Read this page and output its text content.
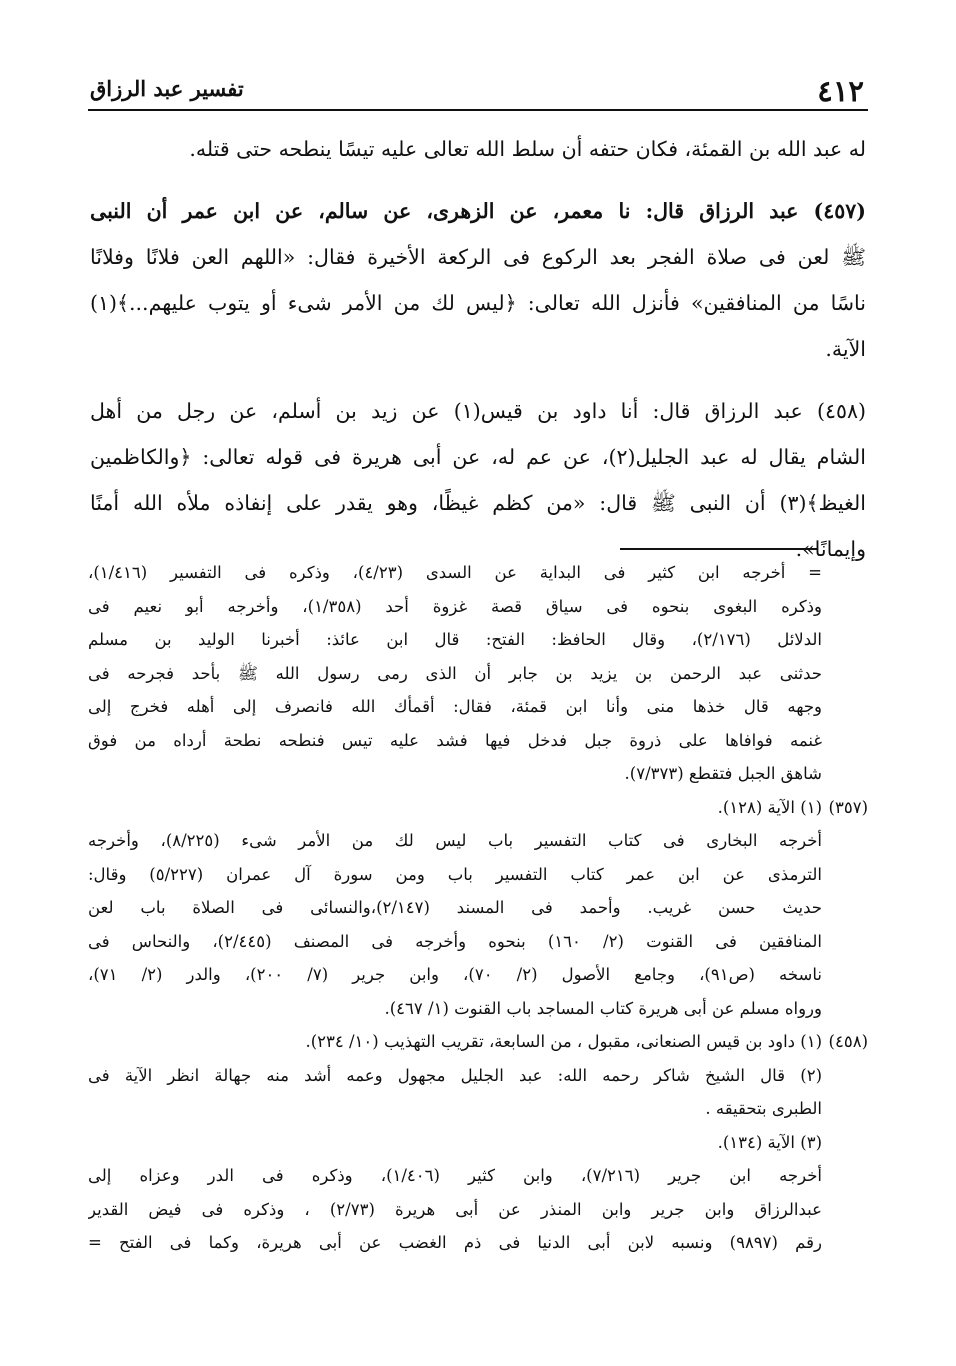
٤١٢
تفسير عبد الرزاق
له عبد الله بن القمئة، فكان حتفه أن سلط الله تعالى عليه تيسًا ينطحه حتى قتله.
(٤٥٧) عبد الرزاق قال: نا معمر، عن الزهرى، عن سالم، عن ابن عمر أن النبى
ﷺ لعن فى صلاة الفجر بعد الركوع فى الركعة الأخيرة فقال: «اللهم العن فلانًا وفلانًا
ناسًا من المنافقين» فأنزل الله تعالى: ﴿ليس لك من الأمر شىء أو يتوب عليهم...﴾(١)
الآية.
(٤٥٨) عبد الرزاق قال: أنا داود بن قيس(١) عن زيد بن أسلم، عن رجل من أهل
الشام يقال له عبد الجليل(٢)، عن عم له، عن أبى هريرة فى قوله تعالى: ﴿والكاظمين
الغيظ﴾(٣) أن النبى ﷺ قال: «من كظم غيظًا، وهو يقدر على إنفاذه ملأه الله أمنًا
وإيمانًا».
= أخرجه ابن كثير فى البداية عن السدى (٤/٢٣)، وذكره فى التفسير (١/٤١٦)،
وذكره البغوى بنحوه فى سياق قصة غزوة أحد (١/٣٥٨)، وأخرجه أبو نعيم فى
الدلائل (٢/١٧٦)، وقال الحافظ: الفتح: قال ابن عائذ: أخبرنا الوليد بن مسلم
حدثنى عبد الرحمن بن يزيد بن جابر أن الذى رمى رسول الله ﷺ بأحد فجرحه فى
وجهه قال خذها منى وأنا ابن قمئة، فقال: أقمأك الله فانصرف إلى أهله فخرج إلى
غنمه فوافاها على ذروة جبل فدخل فيها فشد عليه تيس فنطحه نطحة أرداه من فوق
شاهق الجبل فتقطع (٧/٣٧٣).
(٣٥٧)(١) الآية (١٢٨).
أخرجه البخارى فى كتاب التفسير باب ليس لك من الأمر شىء (٨/٢٢٥)، وأخرجه
الترمذى عن ابن عمر كتاب التفسير باب ومن سورة آل عمران (٥/٢٢٧) وقال:
حديث حسن غريب. وأحمد فى المسند (٢/١٤٧)،والنسائى فى الصلاة باب لعن
المنافقين فى القنوت (٢/ ١٦٠) بنحوه وأخرجه فى المصنف (٢/٤٤٥)، والنحاس فى
ناسخه (ص٩١)، وجامع الأصول (٢/ ٧٠)، وابن جرير (٧/ ٢٠٠)، والدر (٢/ ٧١)،
ورواه مسلم عن أبى هريرة كتاب المساجد باب القنوت (١/ ٤٦٧).
(٤٥٨)(١) داود بن قيس الصنعانى، مقبول ، من السابعة، تقريب التهذيب (١٠/ ٢٣٤).
(٢) قال الشيخ شاكر رحمه الله: عبد الجليل مجهول وعمه أشد منه جهالة انظر الآية فى
الطبرى بتحقيقه .
(٣) الآية (١٣٤).
أخرجه ابن جرير (٧/٢١٦)، وابن كثير (١/٤٠٦)، وذكره فى الدر وعزاه إلى
عبدالرزاق وابن جرير وابن المنذر عن أبى هريرة (٢/٧٣) ، وذكره فى فيض القدير
رقم (٩٨٩٧) ونسبه لابن أبى الدنيا فى ذم الغضب عن أبى هريرة، وكما فى الفتح =
